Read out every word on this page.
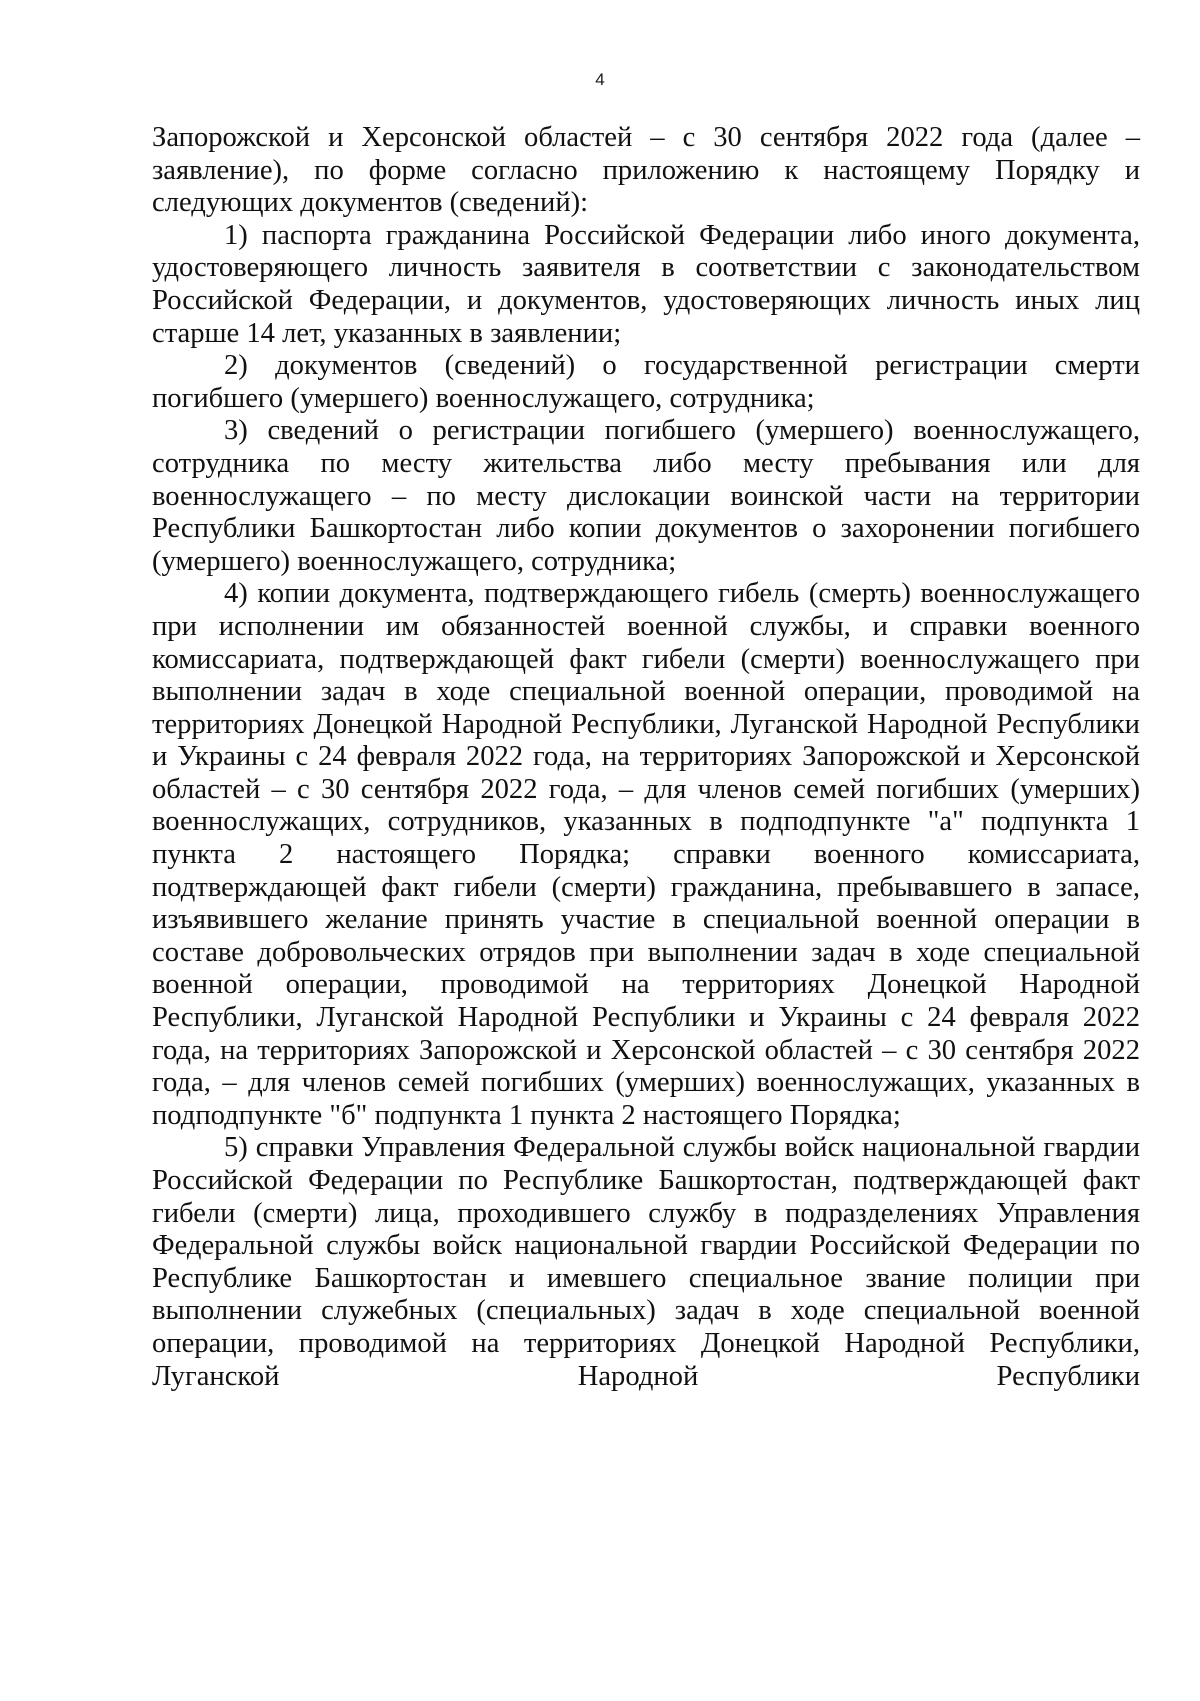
4

Запорожской и Херсонской областей – с 30 сентября 2022 года (далее – заявление), по форме согласно приложению к настоящему Порядку и следующих документов (сведений):

1) паспорта гражданина Российской Федерации либо иного документа, удостоверяющего личность заявителя в соответствии с законодательством Российской Федерации, и документов, удостоверяющих личность иных лиц старше 14 лет, указанных в заявлении;

2) документов (сведений) о государственной регистрации смерти погибшего (умершего) военнослужащего, сотрудника;

3) сведений о регистрации погибшего (умершего) военнослужащего, сотрудника по месту жительства либо месту пребывания или для военнослужащего – по месту дислокации воинской части на территории Республики Башкортостан либо копии документов о захоронении погибшего (умершего) военнослужащего, сотрудника;

4) копии документа, подтверждающего гибель (смерть) военнослужащего при исполнении им обязанностей военной службы, и справки военного комиссариата, подтверждающей факт гибели (смерти) военнослужащего при выполнении задач в ходе специальной военной операции, проводимой на территориях Донецкой Народной Республики, Луганской Народной Республики и Украины с 24 февраля 2022 года, на территориях Запорожской и Херсонской областей – с 30 сентября 2022 года, – для членов семей погибших (умерших) военнослужащих, сотрудников, указанных в подподпункте "а" подпункта 1 пункта 2 настоящего Порядка; справки военного комиссариата, подтверждающей факт гибели (смерти) гражданина, пребывавшего в запасе, изъявившего желание принять участие в специальной военной операции в составе добровольческих отрядов при выполнении задач в ходе специальной военной операции, проводимой на территориях Донецкой Народной Республики, Луганской Народной Республики и Украины с 24 февраля 2022 года, на территориях Запорожской и Херсонской областей – с 30 сентября 2022 года, – для членов семей погибших (умерших) военнослужащих, указанных в подподпункте "б" подпункта 1 пункта 2 настоящего Порядка;

5) справки Управления Федеральной службы войск национальной гвардии Российской Федерации по Республике Башкортостан, подтверждающей факт гибели (смерти) лица, проходившего службу в подразделениях Управления Федеральной службы войск национальной гвардии Российской Федерации по Республике Башкортостан и имевшего специальное звание полиции при выполнении служебных (специальных) задач в ходе специальной военной операции, проводимой на территориях Донецкой Народной Республики, Луганской Народной Республики
